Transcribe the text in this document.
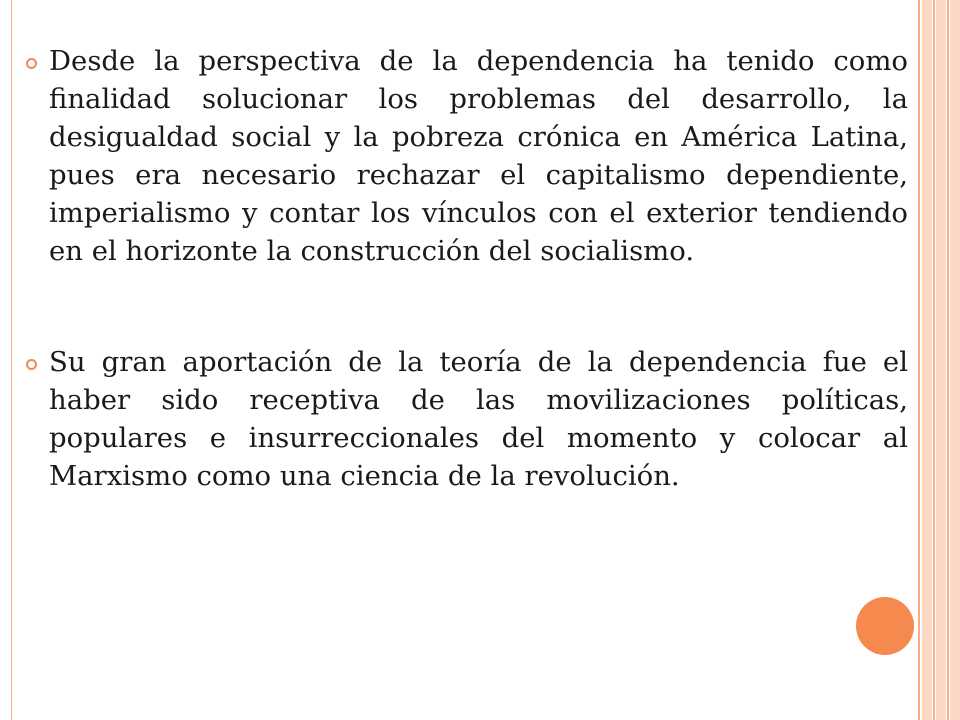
Desde la perspectiva de la dependencia ha tenido como finalidad solucionar los problemas del desarrollo, la desigualdad social y la pobreza crónica en América Latina, pues era necesario rechazar el capitalismo dependiente, imperialismo y contar los vínculos con el exterior tendiendo en el horizonte la construcción del socialismo.

Su gran aportación de la teoría de la dependencia fue el haber sido receptiva de las movilizaciones políticas, populares e insurreccionales del momento y colocar al Marxismo como una ciencia de la revolución.
